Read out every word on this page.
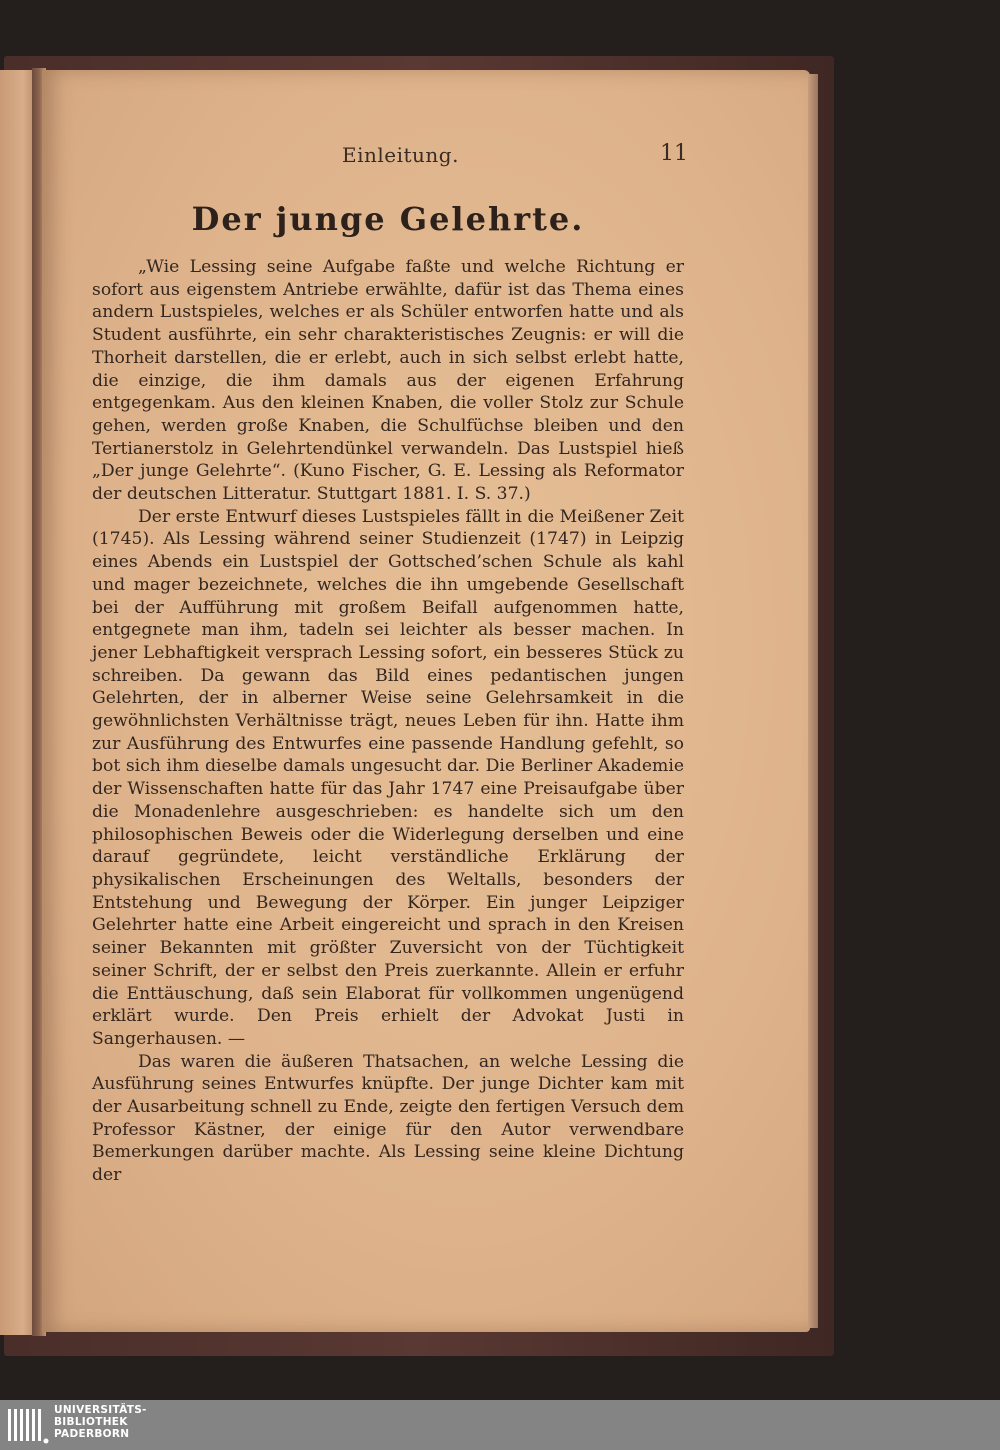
Einleitung.	11
Der junge Gelehrte.

„Wie Lessing seine Aufgabe faßte und welche Richtung er sofort aus eigenstem Antriebe erwählte, dafür ist das Thema eines andern Lustspieles, welches er als Schüler entworfen hatte und als Student ausführte, ein sehr charakteristisches Zeugnis: er will die Thorheit darstellen, die er erlebt, auch in sich selbst erlebt hatte, die einzige, die ihm damals aus der eigenen Erfahrung entgegenkam. Aus den kleinen Knaben, die voller Stolz zur Schule gehen, werden große Knaben, die Schulfüchse bleiben und den Tertianerstolz in Gelehrtendünkel verwandeln. Das Lustspiel hieß „Der junge Gelehrte“. (Kuno Fischer, G. E. Lessing als Reformator der deutschen Litteratur. Stuttgart 1881. I. S. 37.)

Der erste Entwurf dieses Lustspieles fällt in die Meißener Zeit (1745). Als Lessing während seiner Studienzeit (1747) in Leipzig eines Abends ein Lustspiel der Gottsched’schen Schule als kahl und mager bezeichnete, welches die ihn umgebende Gesellschaft bei der Aufführung mit großem Beifall aufgenommen hatte, entgegnete man ihm, tadeln sei leichter als besser machen. In jener Lebhaftigkeit versprach Lessing sofort, ein besseres Stück zu schreiben. Da gewann das Bild eines pedantischen jungen Gelehrten, der in alberner Weise seine Gelehrsamkeit in die gewöhnlichsten Verhältnisse trägt, neues Leben für ihn. Hatte ihm zur Ausführung des Entwurfes eine passende Handlung gefehlt, so bot sich ihm dieselbe damals ungesucht dar. Die Berliner Akademie der Wissenschaften hatte für das Jahr 1747 eine Preisaufgabe über die Monadenlehre ausgeschrieben: es handelte sich um den philosophischen Beweis oder die Widerlegung derselben und eine darauf gegründete, leicht verständliche Erklärung der physikalischen Erscheinungen des Weltalls, besonders der Entstehung und Bewegung der Körper. Ein junger Leipziger Gelehrter hatte eine Arbeit eingereicht und sprach in den Kreisen seiner Bekannten mit größter Zuversicht von der Tüchtigkeit seiner Schrift, der er selbst den Preis zuerkannte. Allein er erfuhr die Enttäuschung, daß sein Elaborat für vollkommen ungenügend erklärt wurde. Den Preis erhielt der Advokat Justi in Sangerhausen. —

Das waren die äußeren Thatsachen, an welche Lessing die Ausführung seines Entwurfes knüpfte. Der junge Dichter kam mit der Ausarbeitung schnell zu Ende, zeigte den fertigen Versuch dem Professor Kästner, der einige für den Autor verwendbare Bemerkungen darüber machte. Als Lessing seine kleine Dichtung der

UNIVERSITÄTS-
BIBLIOTHEK
PADERBORN
